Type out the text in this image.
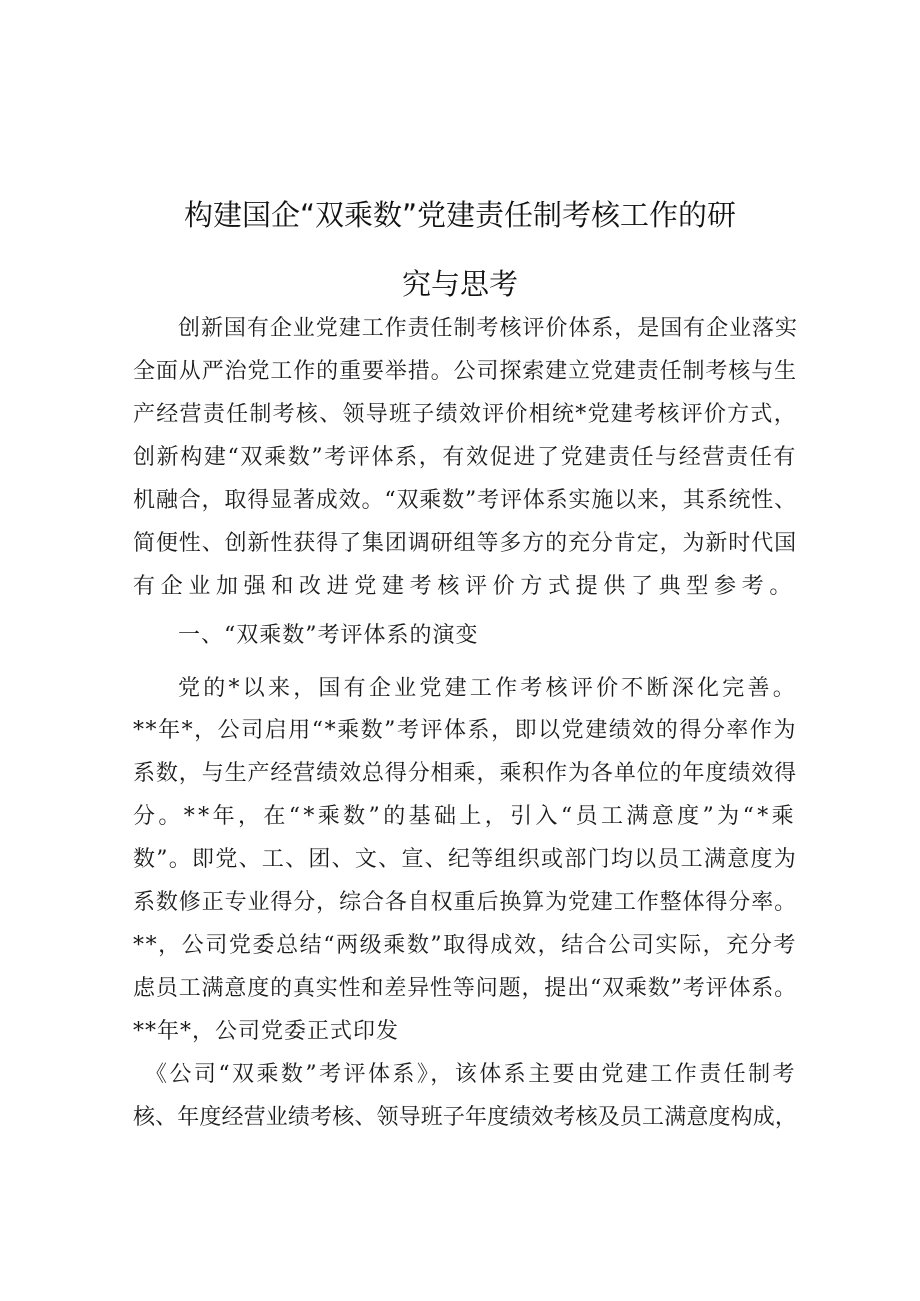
构建国企“双乘数”党建责任制考核工作的研
究与思考
创新国有企业党建工作责任制考核评价体系，是国有企业落实
全面从严治党工作的重要举措。公司探索建立党建责任制考核与生
产经营责任制考核、领导班子绩效评价相统*党建考核评价方式，
创新构建“双乘数”考评体系，有效促进了党建责任与经营责任有
机融合，取得显著成效。“双乘数”考评体系实施以来，其系统性、
简便性、创新性获得了集团调研组等多方的充分肯定，为新时代国
有企业加强和改进党建考核评价方式提供了典型参考。
一、“双乘数”考评体系的演变
党的*以来，国有企业党建工作考核评价不断深化完善。
**年*，公司启用“*乘数”考评体系，即以党建绩效的得分率作为
系数，与生产经营绩效总得分相乘，乘积作为各单位的年度绩效得
分。**年，在“*乘数”的基础上，引入“员工满意度”为“*乘
数”。即党、工、团、文、宣、纪等组织或部门均以员工满意度为
系数修正专业得分，综合各自权重后换算为党建工作整体得分率。
**，公司党委总结“两级乘数”取得成效，结合公司实际，充分考
虑员工满意度的真实性和差异性等问题，提出“双乘数”考评体系。
**年*，公司党委正式印发
《公司“双乘数”考评体系》，该体系主要由党建工作责任制考
核、年度经营业绩考核、领导班子年度绩效考核及员工满意度构成，
